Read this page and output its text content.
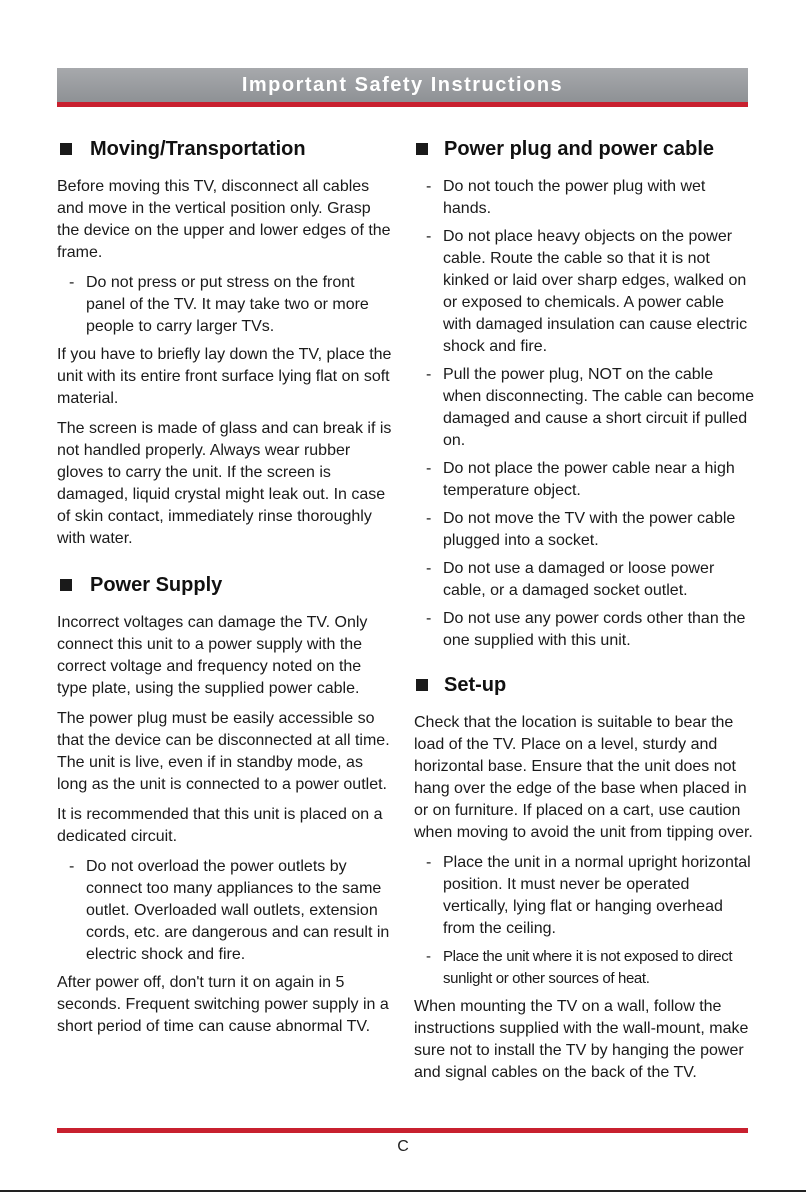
Important Safety Instructions
Moving/Transportation

Before moving this TV, disconnect all cables and move in the vertical position only. Grasp the device on the upper and lower edges of the frame.

- Do not press or put stress on the front panel of the TV. It may take two or more people to carry larger TVs.

If you have to briefly lay down the TV, place the unit with its entire front surface lying flat on soft material.

The screen is made of glass and can break if is not handled properly. Always wear rubber gloves to carry the unit. If the screen is damaged, liquid crystal might leak out. In case of skin contact, immediately rinse thoroughly with water.

Power Supply

Incorrect voltages can damage the TV. Only connect this unit to a power supply with the correct voltage and frequency noted on the type plate, using the supplied power cable.

The power plug must be easily accessible so that the device can be disconnected at all time. The unit is live, even if in standby mode, as long as the unit is connected to a power outlet.

It is recommended that this unit is placed on a dedicated circuit.

- Do not overload the power outlets by connect too many appliances to the same outlet. Overloaded wall outlets, extension cords, etc. are dangerous and can result in electric shock and fire.

After power off, don't turn it on again in 5 seconds. Frequent switching power supply in a short period of time can cause abnormal TV.

Power plug and power cable
- Do not touch the power plug with wet hands.
- Do not place heavy objects on the power cable. Route the cable so that it is not kinked or laid over sharp edges, walked on or exposed to chemicals. A power cable with damaged insulation can cause electric shock and fire.
- Pull the power plug, NOT on the cable when disconnecting. The cable can become damaged and cause a short circuit if pulled on.
- Do not place the power cable near a high temperature object.
- Do not move the TV with the power cable plugged into a socket.
- Do not use a damaged or loose power cable, or a damaged socket outlet.
- Do not use any power cords other than the one supplied with this unit.
Set-up

Check that the location is suitable to bear the load of the TV. Place on a level, sturdy and horizontal base. Ensure that the unit does not hang over the edge of the base when placed in or on furniture. If placed on a cart, use caution when moving to avoid the unit from tipping over.

- Place the unit in a normal upright horizontal position. It must never be operated vertically, lying flat or hanging overhead from the ceiling.
- Place the unit where it is not exposed to direct sunlight or other sources of heat.

When mounting the TV on a wall, follow the instructions supplied with the wall-mount, make sure not to install the TV by hanging the power and signal cables on the back of the TV.

C
